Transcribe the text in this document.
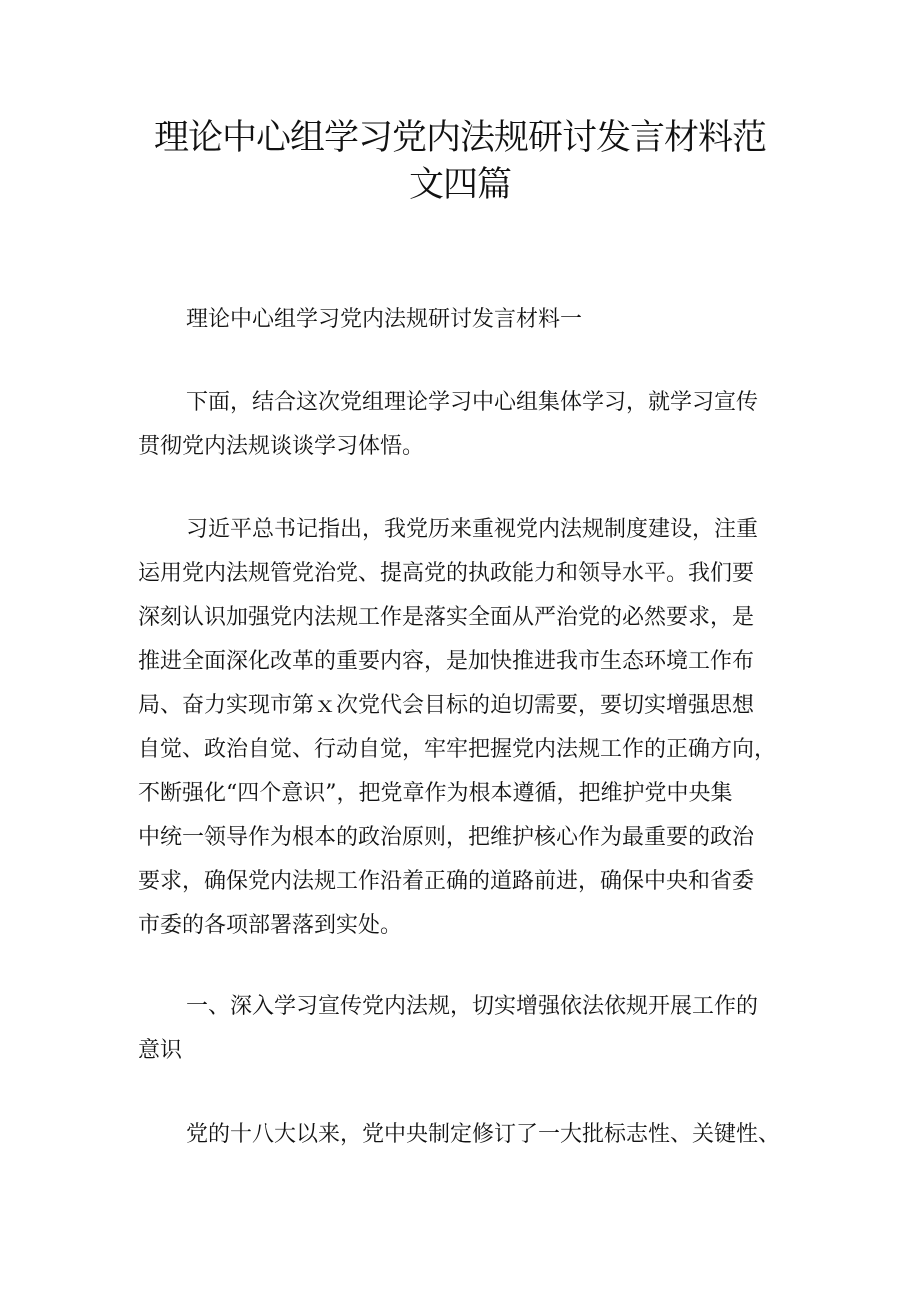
理论中心组学习党内法规研讨发言材料范
文四篇

理论中心组学习党内法规研讨发言材料一

下面，结合这次党组理论学习中心组集体学习，就学习宣传
贯彻党内法规谈谈学习体悟。

习近平总书记指出，我党历来重视党内法规制度建设，注重
运用党内法规管党治党、提高党的执政能力和领导水平。我们要
深刻认识加强党内法规工作是落实全面从严治党的必然要求，是
推进全面深化改革的重要内容，是加快推进我市生态环境工作布
局、奋力实现市第ｘ次党代会目标的迫切需要，要切实增强思想
自觉、政治自觉、行动自觉，牢牢把握党内法规工作的正确方向，
不断强化“四个意识”，把党章作为根本遵循，把维护党中央集
中统一领导作为根本的政治原则，把维护核心作为最重要的政治
要求，确保党内法规工作沿着正确的道路前进，确保中央和省委
市委的各项部署落到实处。

一、深入学习宣传党内法规，切实增强依法依规开展工作的
意识

党的十八大以来，党中央制定修订了一大批标志性、关键性、
